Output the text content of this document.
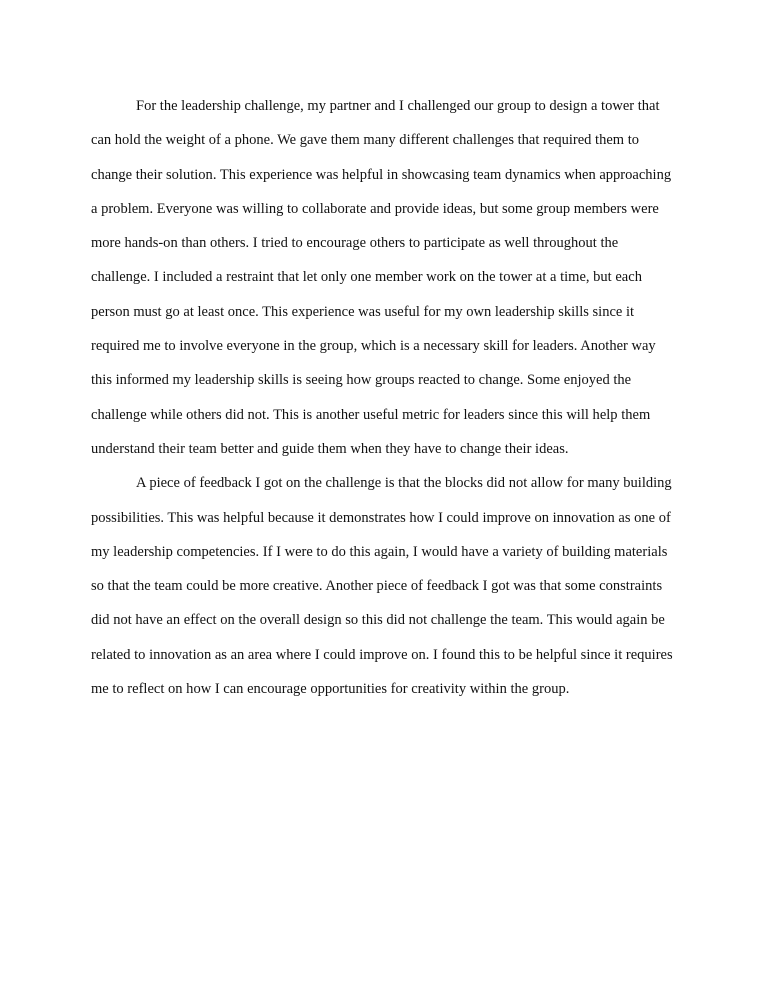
For the leadership challenge, my partner and I challenged our group to design a tower that can hold the weight of a phone. We gave them many different challenges that required them to change their solution. This experience was helpful in showcasing team dynamics when approaching a problem. Everyone was willing to collaborate and provide ideas, but some group members were more hands-on than others. I tried to encourage others to participate as well throughout the challenge. I included a restraint that let only one member work on the tower at a time, but each person must go at least once. This experience was useful for my own leadership skills since it required me to involve everyone in the group, which is a necessary skill for leaders. Another way this informed my leadership skills is seeing how groups reacted to change. Some enjoyed the challenge while others did not. This is another useful metric for leaders since this will help them understand their team better and guide them when they have to change their ideas.

A piece of feedback I got on the challenge is that the blocks did not allow for many building possibilities. This was helpful because it demonstrates how I could improve on innovation as one of my leadership competencies. If I were to do this again, I would have a variety of building materials so that the team could be more creative. Another piece of feedback I got was that some constraints did not have an effect on the overall design so this did not challenge the team. This would again be related to innovation as an area where I could improve on. I found this to be helpful since it requires me to reflect on how I can encourage opportunities for creativity within the group.
